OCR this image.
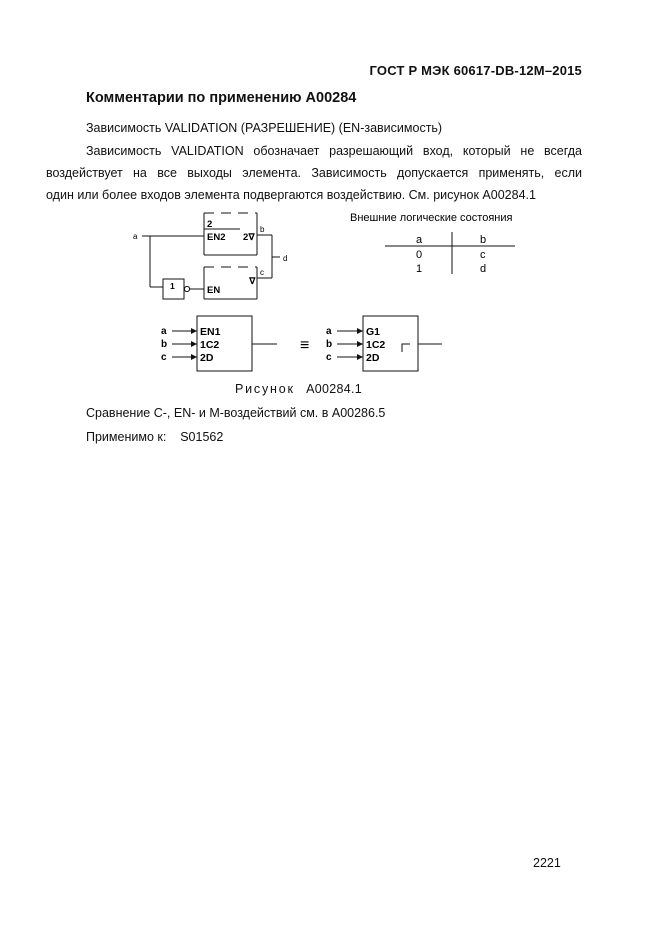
ГОСТ Р МЭК 60617-DB-12M–2015
Комментарии по применению А00284
Зависимость VALIDATION (РАЗРЕШЕНИЕ) (EN-зависимость)
Зависимость VALIDATION обозначает разрешающий вход, который не всегда
воздействует на все выходы элемента. Зависимость допускается применять, если
один или более входов элемента подвергаются воздействию. См. рисунок А00284.1
a
2
EN2 2∇
∇
EN
1
b
c
d
Внешние логические состояния
a	b
0	c
1	d
a
b
c
EN1
1C2
2D
≡
a
b
c
G1
1C2
2D
Рисунок А00284.1
Сравнение С-, EN- и M-воздействий см. в А00286.5
Применимо к: S01562
2221
